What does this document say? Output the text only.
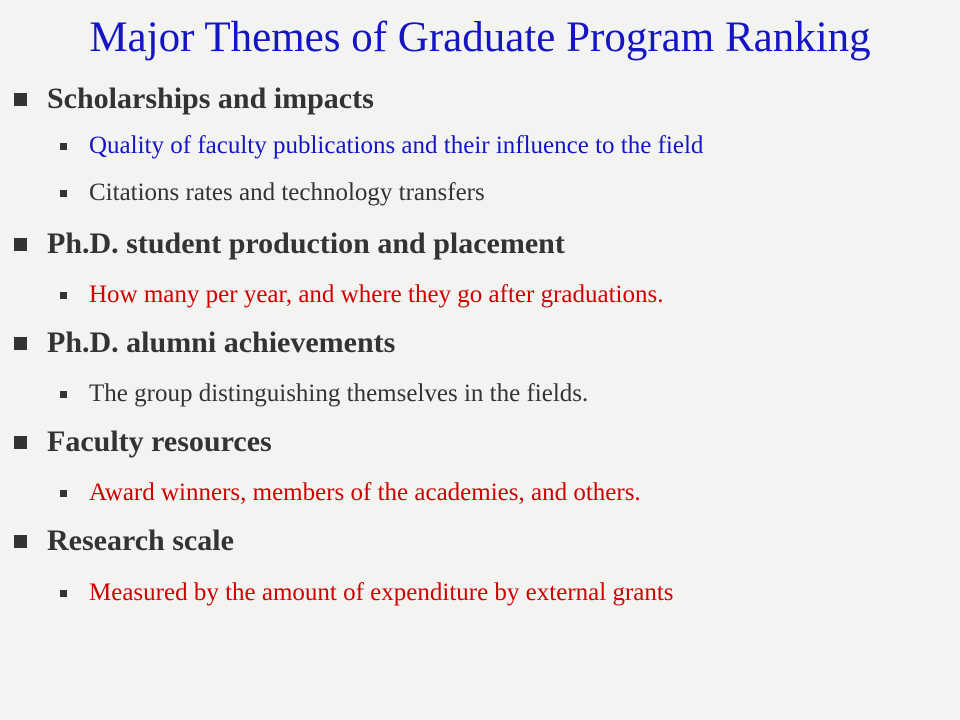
Major Themes of Graduate Program Ranking
Scholarships and impacts
Quality of faculty publications and their influence to the field
Citations rates and technology transfers
Ph.D. student production and placement
How many per year, and where they go after graduations.
Ph.D. alumni achievements
The group distinguishing themselves in the fields.
Faculty resources
Award winners, members of the academies, and others.
Research scale
Measured by the amount of expenditure by external grants
